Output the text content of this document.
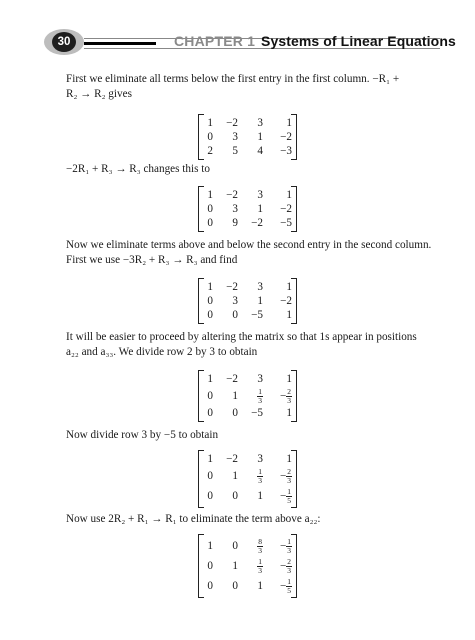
30	CHAPTER 1 Systems of Linear Equations

First we eliminate all terms below the first entry in the first column. −R₁ +
R₂ → R₂ gives

1	−2	3	1
0	3	1	−2
2	5	4	−3

−2R₁ + R₃ → R₃ changes this to

1	−2	3	1
0	3	1	−2
0	9	−2	−5

Now we eliminate terms above and below the second entry in the second column.
First we use −3R₂ + R₃ → R₃ and find

1	−2	3	1
0	3	1	−2
0	0	−5	1

It will be easier to proceed by altering the matrix so that 1s appear in positions
a₂₂ and a₃₃. We divide row 2 by 3 to obtain

1	−2	3	1
0	1	$\frac{1}{3}$	− $\frac{2}{3}$

0	0	−5	1

Now divide row 3 by −5 to obtain

1	−2	3	1
0	1	$\frac{1}{3}$	− $\frac{2}{3}$

0	0	1	− $\frac{1}{5}$

Now use 2R₂ + R₁ → R₁ to eliminate the term above a₂₂:

1	0	$\frac{8}{3}$	− $\frac{1}{3}$

0	1	$\frac{1}{3}$	− $\frac{2}{3}$

0	0	1	− $\frac{1}{5}$
